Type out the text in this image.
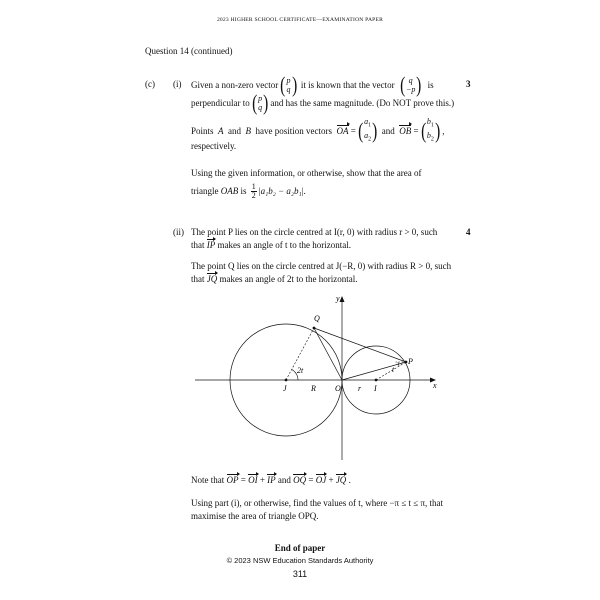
2023 HIGHER SCHOOL CERTIFICATE—EXAMINATION PAPER
Question 14 (continued)
(c) (i)	3
Given a non-zero vector ( p
q ) it is known that the vector ( q
−p ) is
perpendicular to ( p
q ) and has the same magnitude. (Do NOT prove this.)
Points
A
and
B
have position vectors
OA = ( $a_1$
$a_2$ )
and
OB = ( $b_1$
$b_2$ ) ,
respectively.
Using the given information, or otherwise, show that the area of
triangle
OAB
is
$\frac{1}{2}$ | a₁b₂ − a₂b₁ |.
(ii)	4
The point P lies on the circle centred at I(r, 0) with radius r > 0, such
that IP makes an angle of t to the horizontal.
The point Q lies on the circle centred at J(−R, 0) with radius R > 0, such
that JQ makes an angle of 2t to the horizontal.
y
x
Q
P
J	O	I
R	r
2t	t
Note that OP = OI + IP and OQ = OJ + JQ .
Using part (i), or otherwise, find the values of t, where −π ≤ t ≤ π, that
maximise the area of triangle OPQ.
End of paper
© 2023 NSW Education Standards Authority
311
